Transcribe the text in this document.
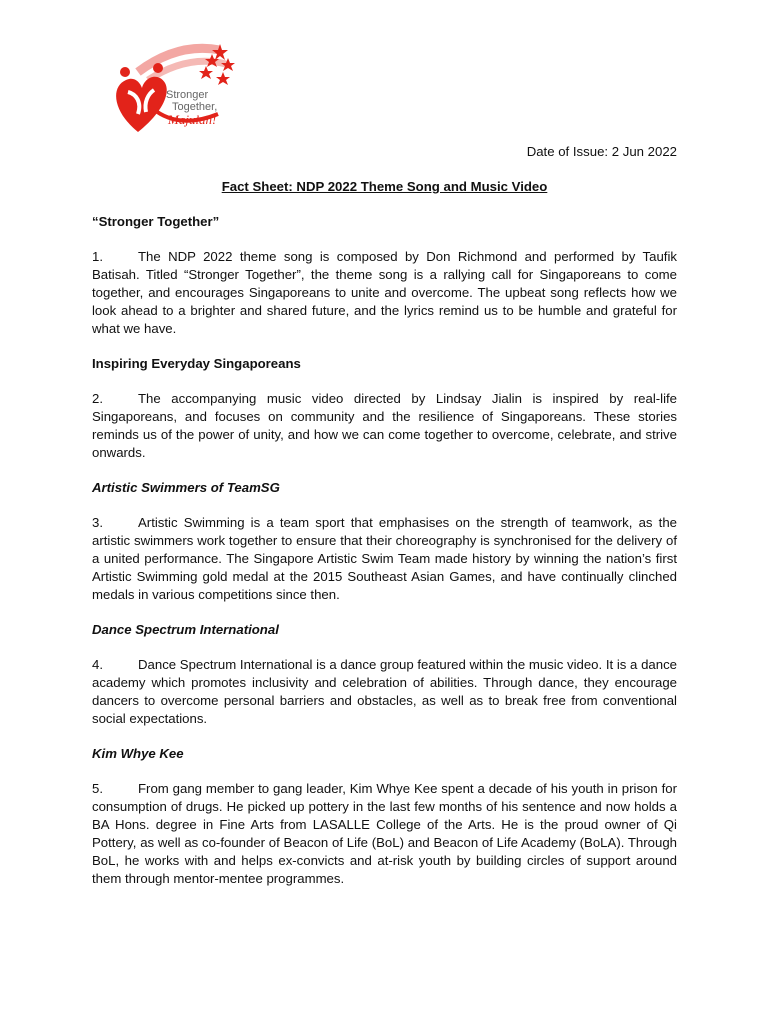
Stronger
Together,
Majulah!

Date of Issue: 2 Jun 2022

Fact Sheet: NDP 2022 Theme Song and Music Video

“Stronger Together”

1.	The NDP 2022 theme song is composed by Don Richmond and performed by Taufik Batisah. Titled “Stronger Together”, the theme song is a rallying call for Singaporeans to come together, and encourages Singaporeans to unite and overcome. The upbeat song reflects how we look ahead to a brighter and shared future, and the lyrics remind us to be humble and grateful for what we have.

Inspiring Everyday Singaporeans

2.	The accompanying music video directed by Lindsay Jialin is inspired by real-life Singaporeans, and focuses on community and the resilience of Singaporeans. These stories reminds us of the power of unity, and how we can come together to overcome, celebrate, and strive onwards.

Artistic Swimmers of TeamSG

3.	Artistic Swimming is a team sport that emphasises on the strength of teamwork, as the artistic swimmers work together to ensure that their choreography is synchronised for the delivery of a united performance. The Singapore Artistic Swim Team made history by winning the nation’s first Artistic Swimming gold medal at the 2015 Southeast Asian Games, and have continually clinched medals in various competitions since then.

Dance Spectrum International

4.	Dance Spectrum International is a dance group featured within the music video. It is a dance academy which promotes inclusivity and celebration of abilities. Through dance, they encourage dancers to overcome personal barriers and obstacles, as well as to break free from conventional social expectations.

Kim Whye Kee

5.	From gang member to gang leader, Kim Whye Kee spent a decade of his youth in prison for consumption of drugs. He picked up pottery in the last few months of his sentence and now holds a BA Hons. degree in Fine Arts from LASALLE College of the Arts. He is the proud owner of Qi Pottery, as well as co-founder of Beacon of Life (BoL) and Beacon of Life Academy (BoLA). Through BoL, he works with and helps ex-convicts and at-risk youth by building circles of support around them through mentor-mentee programmes.
